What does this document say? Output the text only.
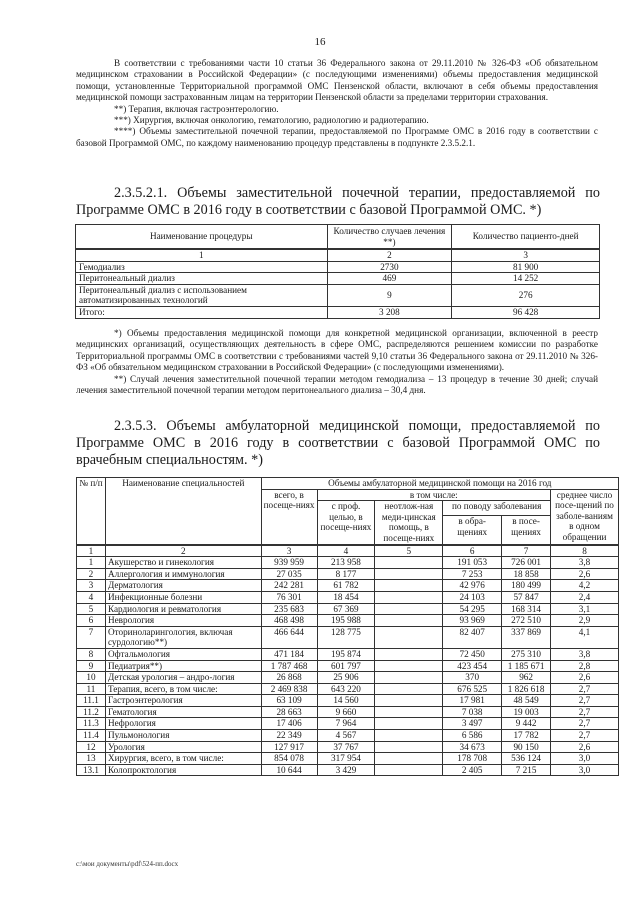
16

В соответствии с требованиями части 10 статьи 36 Федерального закона от 29.11.2010 № 326-ФЗ «Об обязательном медицинском страховании в Российской Федерации» (с последующими изменениями) объемы предоставления медицинской помощи, установленные Территориальной программой ОМС Пензенской области, включают в себя объемы предоставления медицинской помощи застрахованным лицам на территории Пензенской области за пределами территории страхования.

**) Терапия, включая гастроэнтерологию.

***) Хирургия, включая онкологию, гематологию, радиологию и радиотерапию.

****) Объемы заместительной почечной терапии, предоставляемой по Программе ОМС в 2016 году в соответствии с базовой Программой ОМС, по каждому наименованию процедур представлены в подпункте 2.3.5.2.1.

2.3.5.2.1. Объемы заместительной почечной терапии, предоставляемой по Программе ОМС в 2016 году в соответствии с базовой Программой ОМС. *)

Наименование процедуры	Количество случаев лечения **)	Количество пациенто-дней
1	2	3
Гемодиализ	2730	81 900
Перитонеальный диализ	469	14 252
Перитонеальный диализ с использованием автоматизированных технологий	9	276
Итого:	3 208	96 428

*) Объемы предоставления медицинской помощи для конкретной медицинской организации, включенной в реестр медицинских организаций, осуществляющих деятельность в сфере ОМС, распределяются решением комиссии по разработке Территориальной программы ОМС в соответствии с требованиями частей 9,10 статьи 36 Федерального закона от 29.11.2010 № 326-ФЗ «Об обязательном медицинском страховании в Российской Федерации» (с последующими изменениями).

**) Случай лечения заместительной почечной терапии методом гемодиализа – 13 процедур в течение 30 дней; случай лечения заместительной почечной терапии методом перитонеального диализа – 30,4 дня.

2.3.5.3. Объемы амбулаторной медицинской помощи, предоставляемой по Программе ОМС в 2016 году в соответствии с базовой Программой ОМС по врачебным специальностям. *)

№ п/п	Наименование специальностей	Объемы амбулаторной медицинской помощи на 2016 год					
		всего, в посеще-ниях	в том числе:				среднее число посе-щений по заболе-ваниям в одном обращении
			с проф. целью, в посеще-ниях	неотлож-ная меди-цинская помощь, в посеще-ниях	по поводу заболевания		
					в обра-щениях	в посе-щениях	
1	2	3	4	5	6	7	8
1	Акушерство и гинекология	939 959	213 958		191 053	726 001	3,8
2	Аллергология и иммунология	27 035	8 177		7 253	18 858	2,6
3	Дерматология	242 281	61 782		42 976	180 499	4,2
4	Инфекционные болезни	76 301	18 454		24 103	57 847	2,4
5	Кардиология и ревматология	235 683	67 369		54 295	168 314	3,1
6	Неврология	468 498	195 988		93 969	272 510	2,9
7	Оториноларингология, включая сурдологию**)	466 644	128 775		82 407	337 869	4,1
8	Офтальмология	471 184	195 874		72 450	275 310	3,8
9	Педиатрия**)	1 787 468	601 797		423 454	1 185 671	2,8
10	Детская урология – андро-логия	26 868	25 906		370	962	2,6
11	Терапия, всего, в том числе:	2 469 838	643 220		676 525	1 826 618	2,7
11.1	Гастроэнтерология	63 109	14 560		17 981	48 549	2,7
11.2	Гематология	28 663	9 660		7 038	19 003	2,7
11.3	Нефрология	17 406	7 964		3 497	9 442	2,7
11.4	Пульмонология	22 349	4 567		6 586	17 782	2,7
12	Урология	127 917	37 767		34 673	90 150	2,6
13	Хирургия, всего, в том числе:	854 078	317 954		178 708	536 124	3,0
13.1	Колопроктология	10 644	3 429		2 405	7 215	3,0
c:\мои документы\pdf\524-пп.docx
